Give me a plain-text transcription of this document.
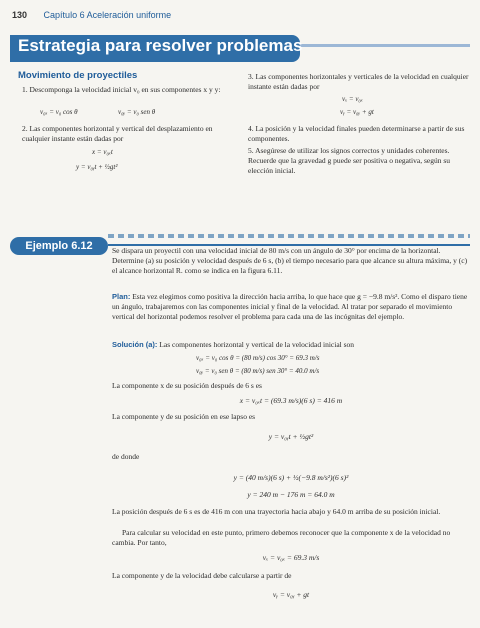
130 Capítulo 6 Aceleración uniforme
Estrategia para resolver problemas
Movimiento de proyectiles
1. Descomponga la velocidad inicial v₀ en sus componentes x y y:
v₀ₓ = v₀ cos θ	v₀ᵧ = v₀ sen θ
2. Las componentes horizontal y vertical del desplazamiento en cualquier instante están dadas por
x = v₀ₓt
y = v₀ᵧt + ½gt²
3. Las componentes horizontales y verticales de la velocidad en cualquier instante están dadas por
vₓ = v₀ₓ
vᵧ = v₀ᵧ + gt
4. La posición y la velocidad finales pueden determinarse a partir de sus componentes.
5. Asegúrese de utilizar los signos correctos y unidades coherentes. Recuerde que la gravedad g puede ser positiva o negativa, según su elección inicial.
Ejemplo 6.12	Se dispara un proyectil con una velocidad inicial de 80 m/s con un ángulo de 30° por encima de la horizontal. Determine (a) su posición y velocidad después de 6 s, (b) el tiempo necesario para que alcance su altura máxima, y (c) el alcance horizontal R. como se indica en la figura 6.11.
Plan: Esta vez elegimos como positiva la dirección hacia arriba, lo que hace que g = −9.8 m/s². Como el disparo tiene un ángulo, trabajaremos con las componentes inicial y final de la velocidad. Al tratar por separado el movimiento vertical del horizontal podemos resolver el problema para cada una de las incógnitas del ejemplo.
Solución (a): Las componentes horizontal y vertical de la velocidad inicial son
v₀ₓ = v₀ cos θ = (80 m/s) cos 30° = 69.3 m/s
v₀ᵧ = v₀ sen θ = (80 m/s) sen 30° = 40.0 m/s
La componente x de su posición después de 6 s es
x = v₀ₓt = (69.3 m/s)(6 s) = 416 m
La componente y de su posición en ese lapso es
y = v₀ᵧt + ½gt²
de donde
y = (40 m/s)(6 s) + ½(−9.8 m/s²)(6 s)²
y = 240 m − 176 m = 64.0 m
La posición después de 6 s es de 416 m con una trayectoria hacia abajo y 64.0 m arriba de su posición inicial.
Para calcular su velocidad en este punto, primero debemos reconocer que la componente x de la velocidad no cambia. Por tanto,
vₓ = v₀ₓ = 69.3 m/s
La componente y de la velocidad debe calcularse a partir de
vᵧ = v₀ᵧ + gt
